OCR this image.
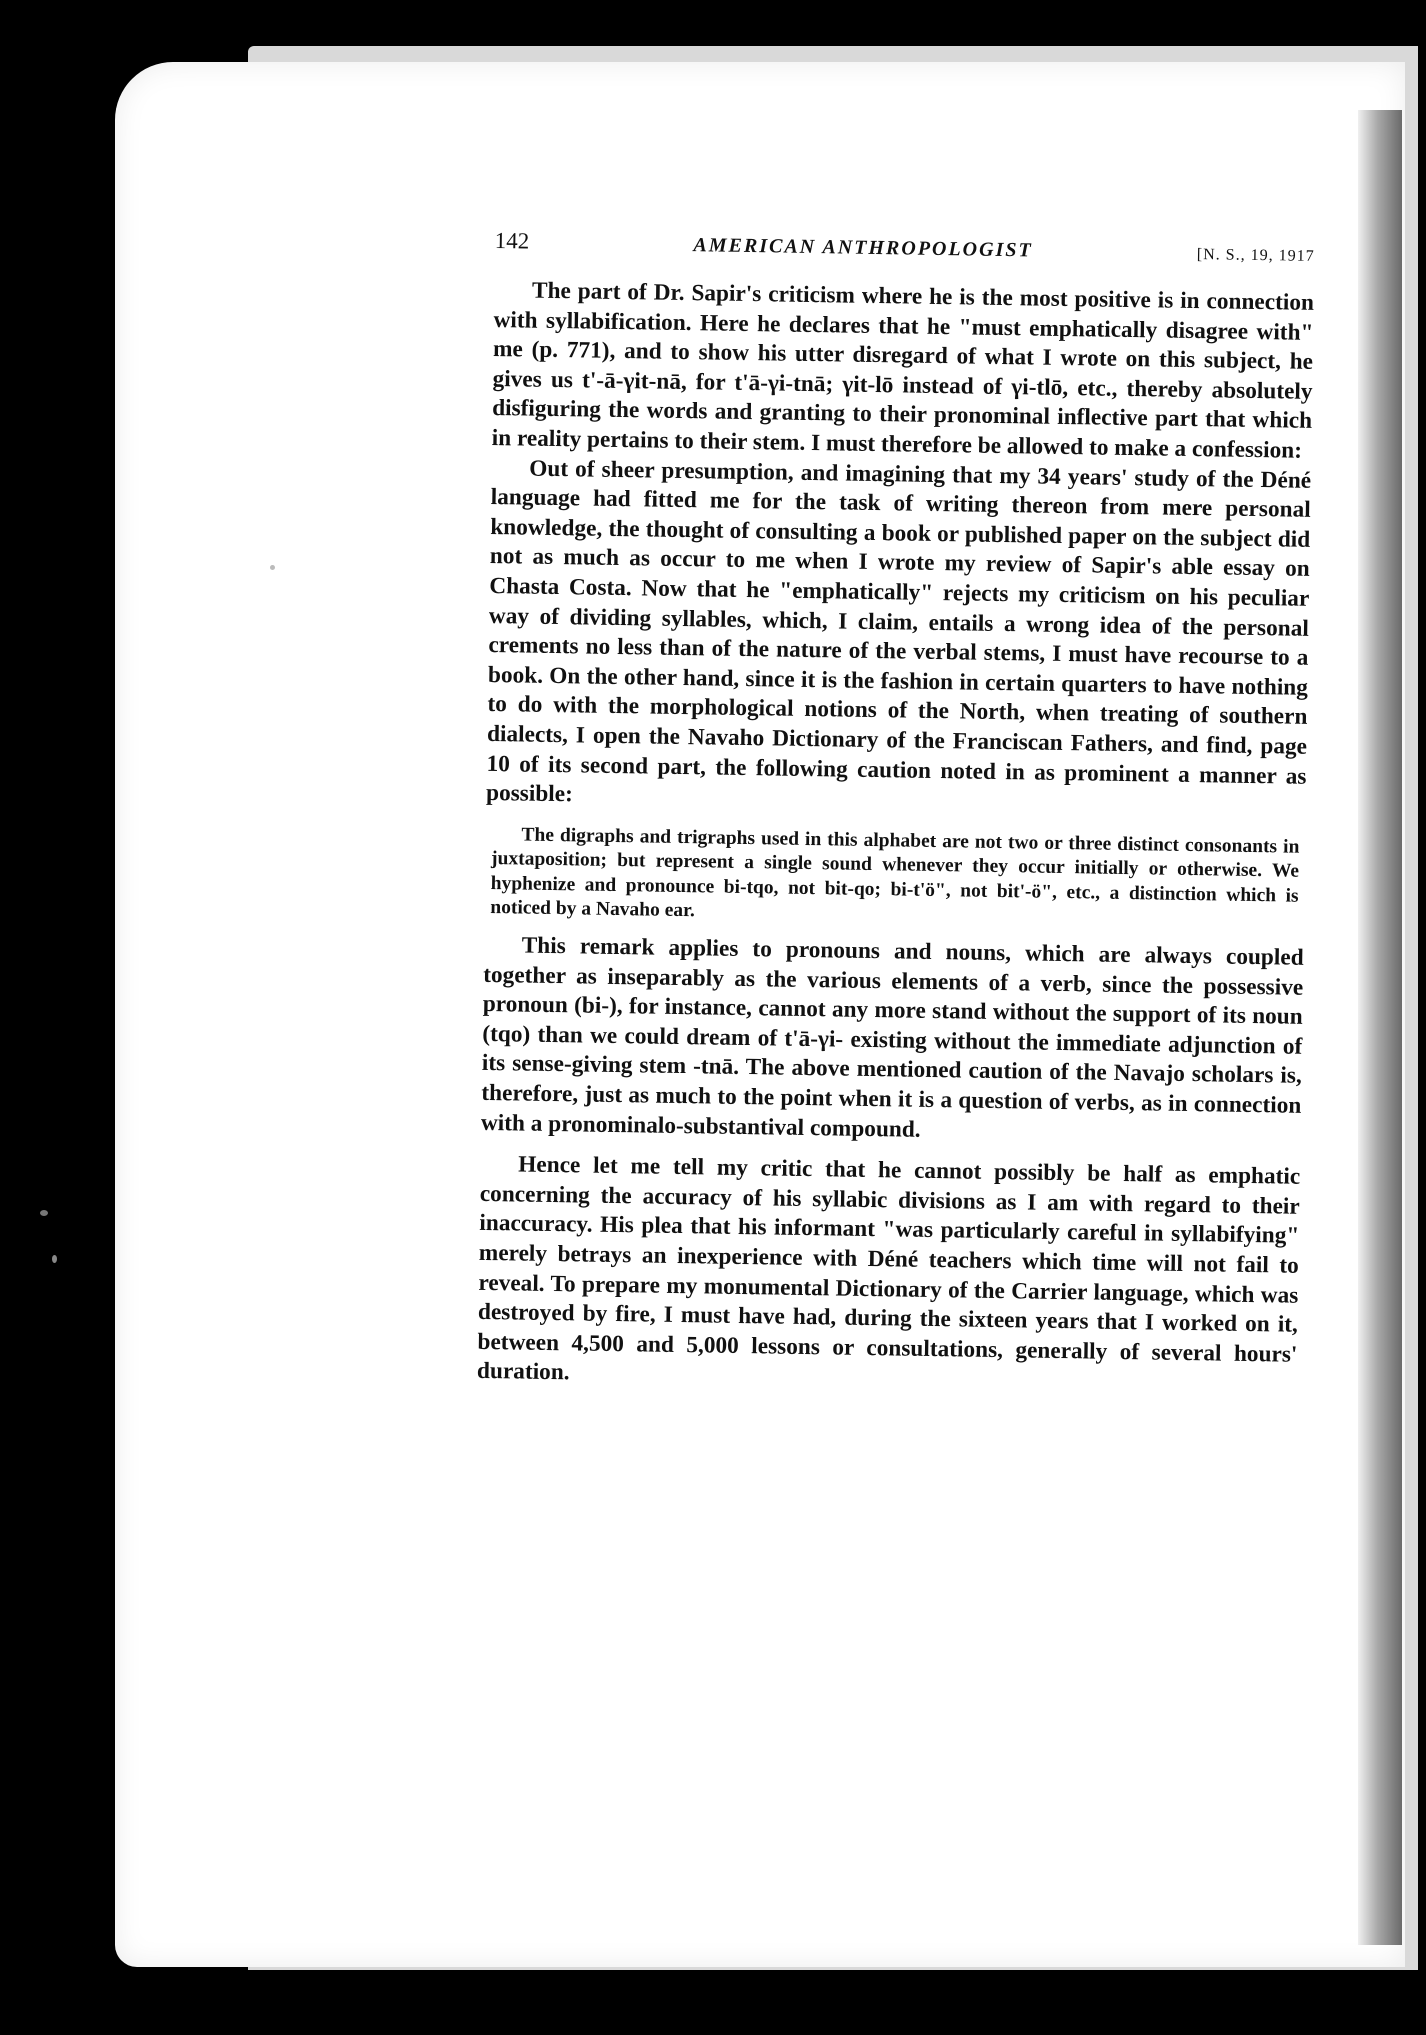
142	AMERICAN ANTHROPOLOGIST	[N. S., 19, 1917

The part of Dr. Sapir's criticism where he is the most positive is in connection with syllabification. Here he declares that he "must emphatically disagree with" me (p. 771), and to show his utter disregard of what I wrote on this subject, he gives us t'-ā-γit-nā, for t'ā-γi-tnā; γit-lō instead of γi-tlō, etc., thereby absolutely disfiguring the words and granting to their pronominal inflective part that which in reality pertains to their stem. I must therefore be allowed to make a confession:

Out of sheer presumption, and imagining that my 34 years' study of the Déné language had fitted me for the task of writing thereon from mere personal knowledge, the thought of consulting a book or published paper on the subject did not as much as occur to me when I wrote my review of Sapir's able essay on Chasta Costa. Now that he "emphatically" rejects my criticism on his peculiar way of dividing syllables, which, I claim, entails a wrong idea of the personal crements no less than of the nature of the verbal stems, I must have recourse to a book. On the other hand, since it is the fashion in certain quarters to have nothing to do with the morphological notions of the North, when treating of southern dialects, I open the Navaho Dictionary of the Franciscan Fathers, and find, page 10 of its second part, the following caution noted in as prominent a manner as possible:

The digraphs and trigraphs used in this alphabet are not two or three distinct consonants in juxtaposition; but represent a single sound whenever they occur initially or otherwise. We hyphenize and pronounce bi-tqo, not bit-qo; bi-t'ö", not bit'-ö", etc., a distinction which is noticed by a Navaho ear.

This remark applies to pronouns and nouns, which are always coupled together as inseparably as the various elements of a verb, since the possessive pronoun (bi-), for instance, cannot any more stand without the support of its noun (tqo) than we could dream of t'ā-γi- existing without the immediate adjunction of its sense-giving stem -tnā. The above mentioned caution of the Navajo scholars is, therefore, just as much to the point when it is a question of verbs, as in connection with a pronominalo-substantival compound.

Hence let me tell my critic that he cannot possibly be half as emphatic concerning the accuracy of his syllabic divisions as I am with regard to their inaccuracy. His plea that his informant "was particularly careful in syllabifying" merely betrays an inexperience with Déné teachers which time will not fail to reveal. To prepare my monumental Dictionary of the Carrier language, which was destroyed by fire, I must have had, during the sixteen years that I worked on it, between 4,500 and 5,000 lessons or consultations, generally of several hours' duration.
